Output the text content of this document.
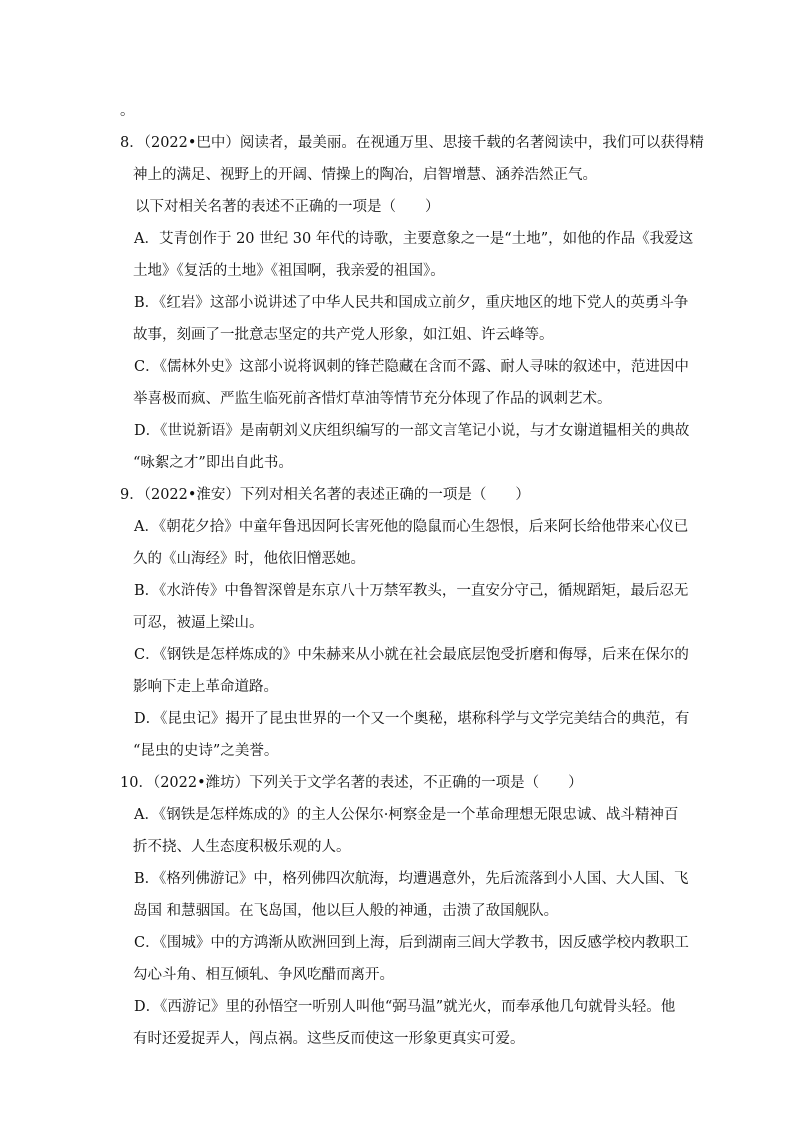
。
8．（2022•巴中）阅读者，最美丽。在视通万里、思接千载的名著阅读中，我们可以获得精
神上的满足、视野上的开阔、情操上的陶冶，启智增慧、涵养浩然正气。
以下对相关名著的表述不正确的一项是（　　）
A．艾青创作于 20 世纪 30 年代的诗歌，主要意象之一是“土地”，如他的作品《我爱这
土地》《复活的土地》《祖国啊，我亲爱的祖国》。
B．《红岩》这部小说讲述了中华人民共和国成立前夕，重庆地区的地下党人的英勇斗争
故事，刻画了一批意志坚定的共产党人形象，如江姐、许云峰等。
C．《儒林外史》这部小说将讽刺的锋芒隐藏在含而不露、耐人寻味的叙述中，范进因中
举喜极而疯、严监生临死前吝惜灯草油等情节充分体现了作品的讽刺艺术。
D．《世说新语》是南朝刘义庆组织编写的一部文言笔记小说，与才女谢道韫相关的典故
“咏絮之才”即出自此书。
9．（2022•淮安）下列对相关名著的表述正确的一项是（　　）
A．《朝花夕拾》中童年鲁迅因阿长害死他的隐鼠而心生怨恨，后来阿长给他带来心仪已
久的《山海经》时，他依旧憎恶她。
B．《水浒传》中鲁智深曾是东京八十万禁军教头，一直安分守己，循规蹈矩，最后忍无
可忍，被逼上梁山。
C．《钢铁是怎样炼成的》中朱赫来从小就在社会最底层饱受折磨和侮辱，后来在保尔的
影响下走上革命道路。
D．《昆虫记》揭开了昆虫世界的一个又一个奥秘，堪称科学与文学完美结合的典范，有
“昆虫的史诗”之美誉。
10．（2022•潍坊）下列关于文学名著的表述，不正确的一项是（　　）
A．《钢铁是怎样炼成的》的主人公保尔·柯察金是一个革命理想无限忠诚、战斗精神百
折不挠、人生态度积极乐观的人。
B．《格列佛游记》中，格列佛四次航海，均遭遇意外，先后流落到小人国、大人国、飞
岛国 和慧骃国。在飞岛国，他以巨人般的神通，击溃了敌国舰队。
C．《围城》中的方鸿渐从欧洲回到上海，后到湖南三闾大学教书，因反感学校内教职工
勾心斗角、相互倾轧、争风吃醋而离开。
D．《西游记》里的孙悟空一听别人叫他“弼马温”就光火，而奉承他几句就骨头轻。他
有时还爱捉弄人，闯点祸。这些反而使这一形象更真实可爱。
